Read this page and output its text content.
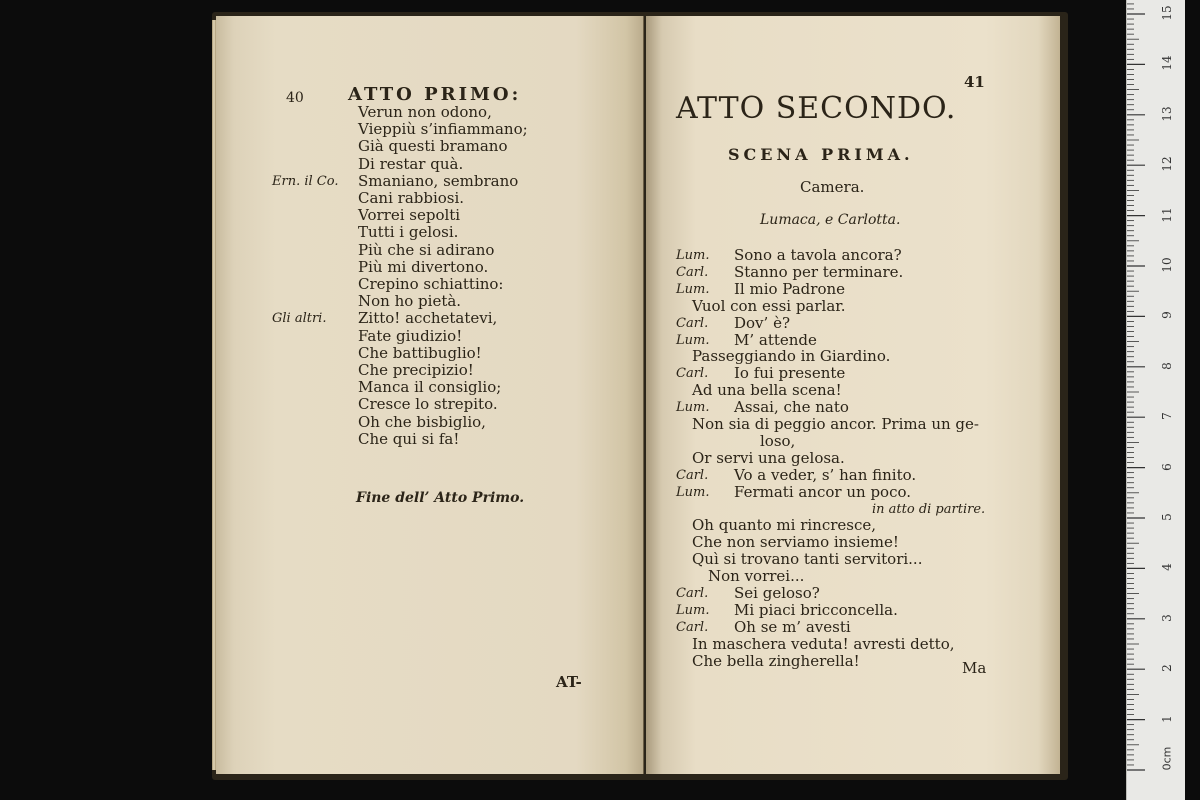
40 ATTO PRIMO:
Verun non odono,
Vieppiù s’infiammano;
Già questi bramano
Di restar quà.
Ern. il Co. Smaniano, sembrano
Cani rabbiosi.
Vorrei sepolti
Tutti i gelosi.
Più che si adirano
Più mi divertono.
Crepino schiattino:
Non ho pietà.
Gli altri. Zitto! acchetatevi,
Fate giudizio!
Che battibuglio!
Che precipizio!
Manca il consiglio;
Cresce lo strepito.
Oh che bisbiglio,
Che qui si fa!
Fine dell’ Atto Primo.
AT-
41
ATTO SECONDO.
SCENA PRIMA.
Camera.
Lumaca, e Carlotta.
Lum. Sono a tavola ancora?
Carl. Stanno per terminare.
Lum. Il mio Padrone
Vuol con essi parlar.
Carl. Dov’ è?
Lum. M’ attende
Passeggiando in Giardino.
Carl. Io fui presente
Ad una bella scena!
Lum. Assai, che nato
Non sia di peggio ancor. Prima un ge-
loso,
Or servi una gelosa.
Carl. Vo a veder, s’ han finito.
Lum. Fermati ancor un poco.
in atto di partire.
Oh quanto mi rincresce,
Che non serviamo insieme!
Quì si trovano tanti servitori...
Non vorrei...
Carl. Sei geloso?
Lum. Mi piaci bricconcella.
Carl. Oh se m’ avesti
In maschera veduta! avresti detto,
Che bella zingherella!	Ma
1
2
3
4
5
6
7
8
9
10
11
12
13
14
15
0cm
